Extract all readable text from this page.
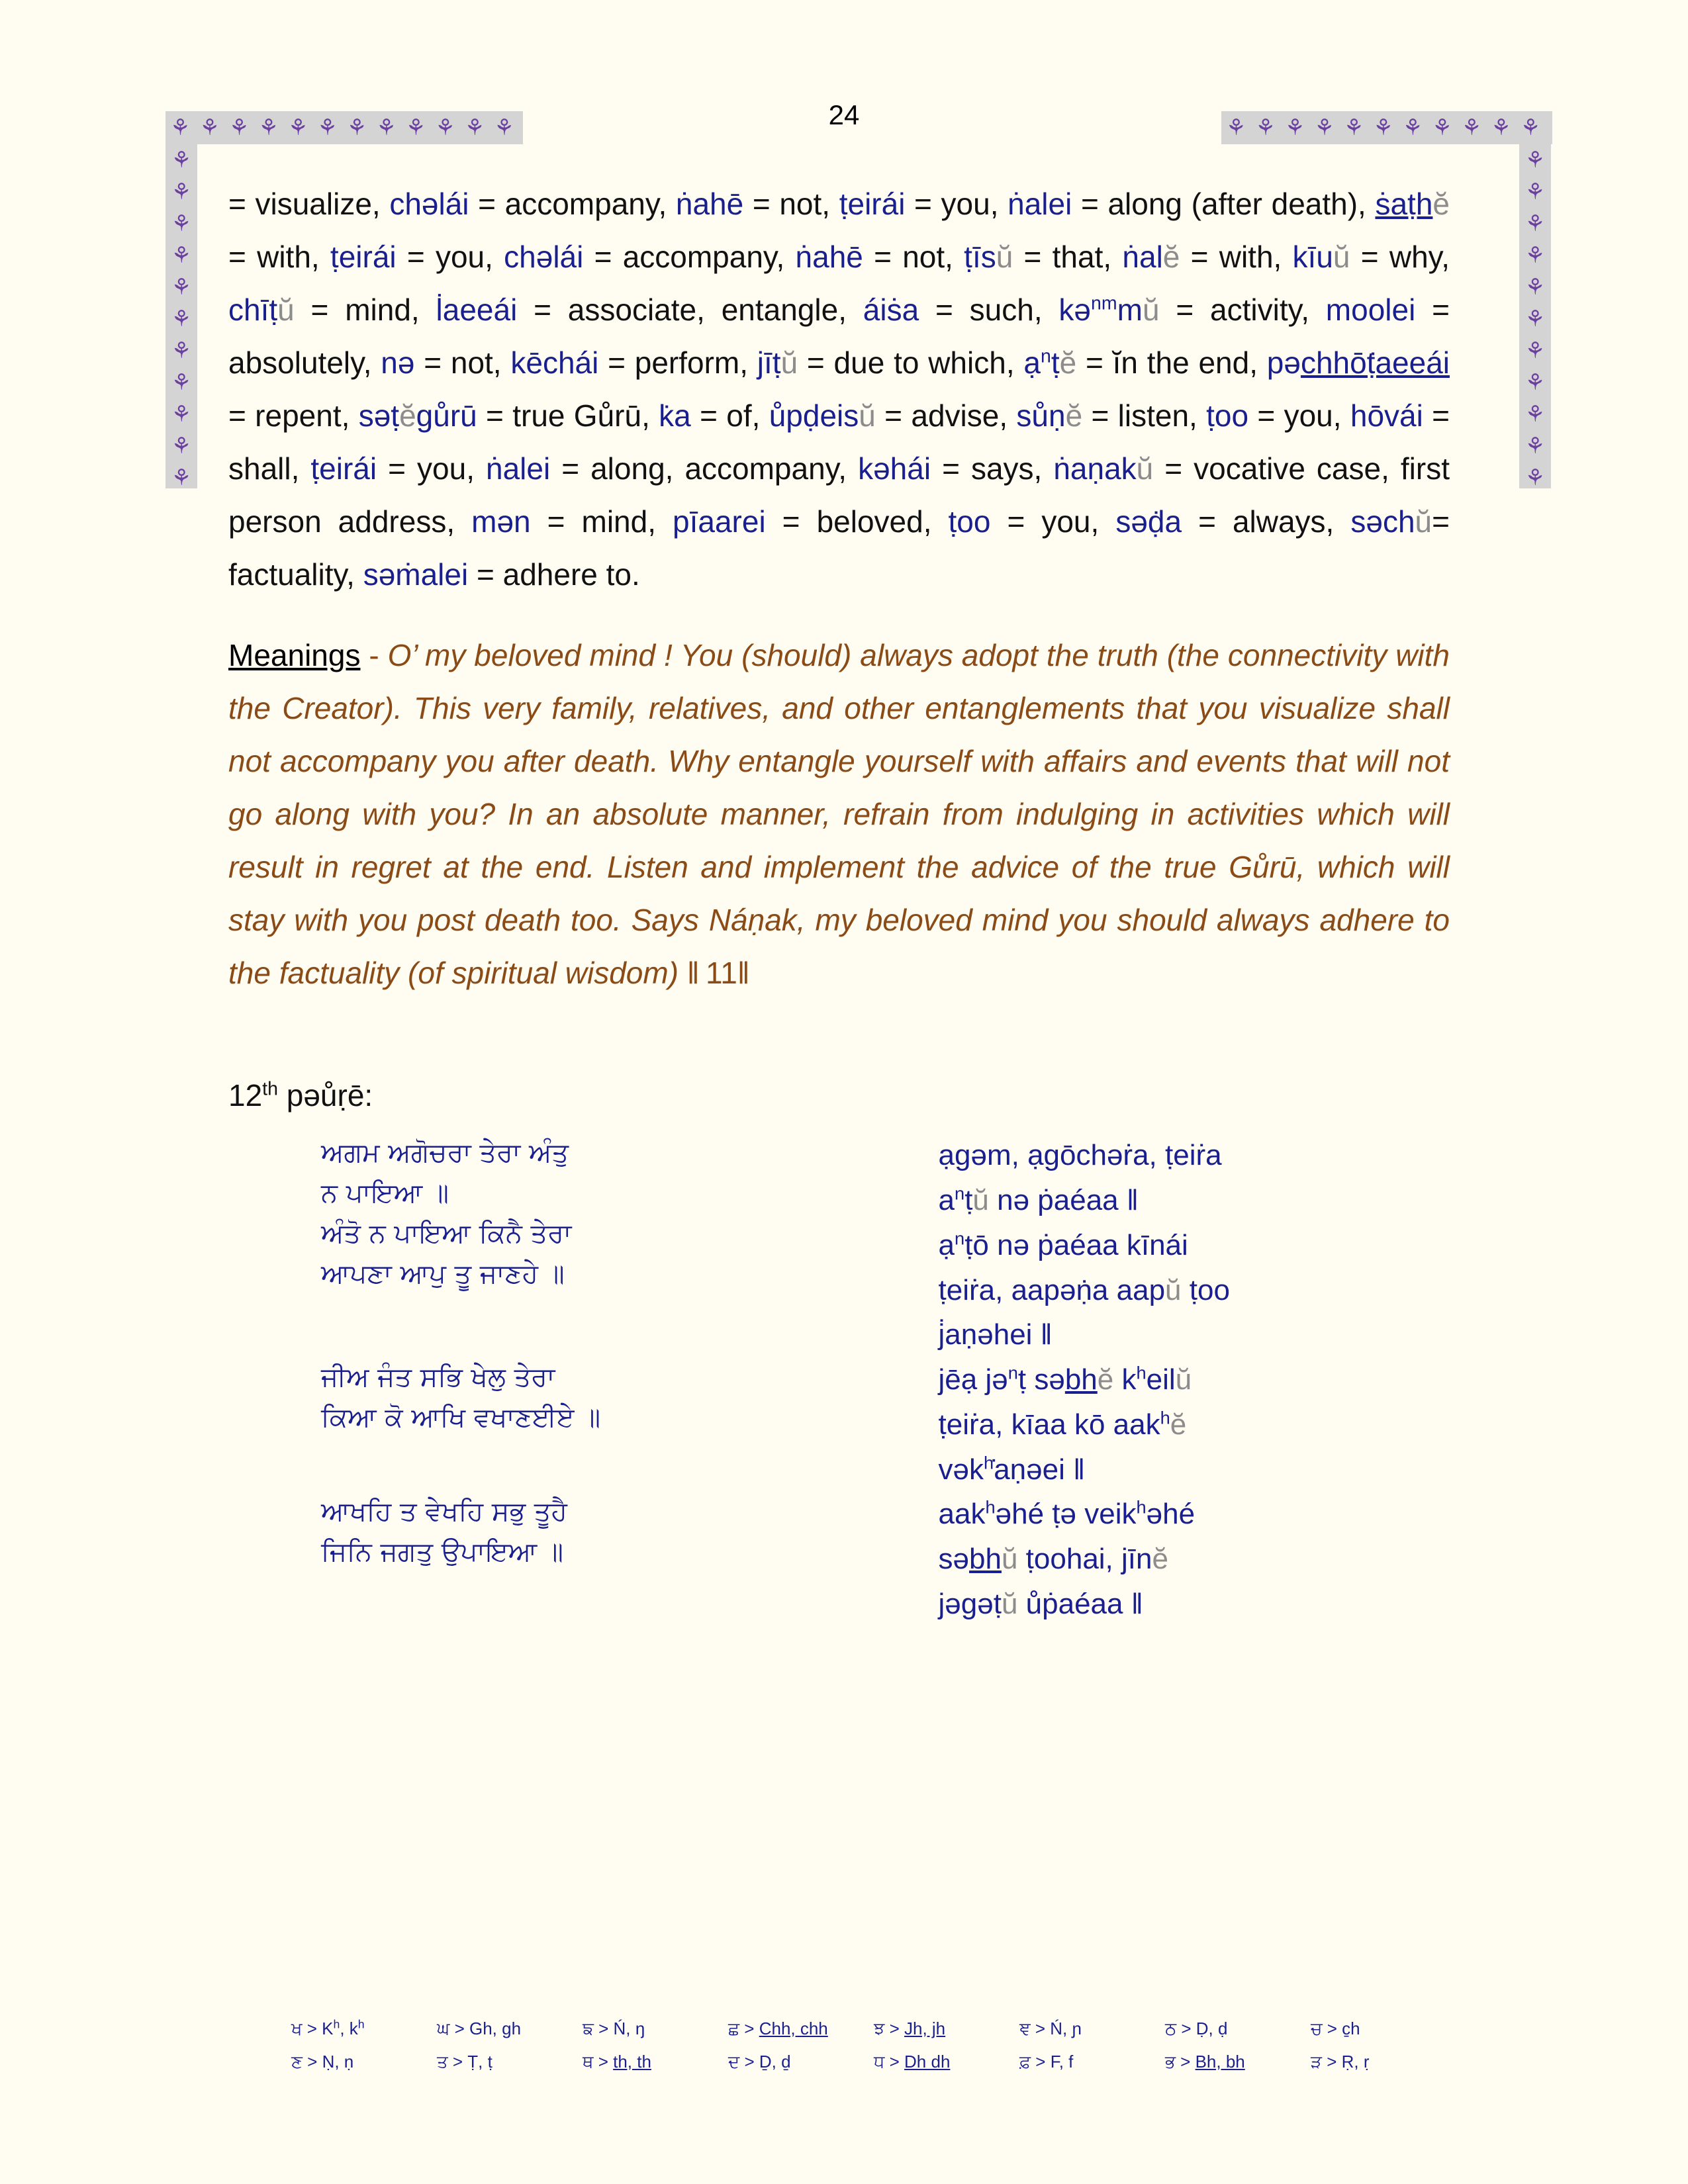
24
⚘ ⚘ ⚘ ⚘ ⚘ ⚘ ⚘ ⚘ ⚘ ⚘ ⚘ ⚘	⚘ ⚘ ⚘ ⚘ ⚘ ⚘ ⚘ ⚘ ⚘ ⚘ ⚘
⚘
⚘
⚘
⚘
⚘
⚘
⚘
⚘
⚘
⚘
⚘
⚘
⚘
⚘
⚘
⚘
⚘
⚘
⚘
⚘
⚘
⚘

= visualize, chəlái = accompany, ṅahē = not, ṭeirái = you, ṅalei = along (after death), ṡaṭhĕ = with, ṭeirái = you, chəlái = accompany, ṅahē = not, ṭīsŭ = that, ṅalĕ = with, kīuŭ = why, chīṭŭ = mind, l̇aeeái = associate, entangle, áiṡa = such, kə$^{nm}$mŭ = activity, moolei = absolutely, nə = not, kēchái = perform, jīṭŭ = due to which, ạ$^n$ṭĕ = ĭn the end, pəchhōṭ̇aeeái = repent, səṭĕgůrū = true Gůrū, k̇a = of, ůpḍeisŭ = advise, sůṇĕ = listen, ṭoo = you, hōvái = shall, ṭeirái = you, ṅalei = along, accompany, kəhái = says, ṅaṇakŭ = vocative case, first person address, mən = mind, pīaarei = beloved, ṭoo = you, səḍ̇a = always, səchŭ= factuality, səṁalei = adhere to.

Meanings - O’ my beloved mind ! You (should) always adopt the truth (the connectivity with the Creator). This very family, relatives, and other entanglements that you visualize shall not accompany you after death. Why entangle yourself with affairs and events that will not go along with you? In an absolute manner, refrain from indulging in activities which will result in regret at the end. Listen and implement the advice of the true Gůrū, which will stay with you post death too. Says Náṇak, my beloved mind you should always adhere to the factuality (of spiritual wisdom) ‖ 11‖
12th pəůṛē:
ਅਗਮ ਅਗੋਚਰਾ ਤੇਰਾ ਅੰਤੁ
ਨ ਪਾਇਆ ॥
ਅੰਤੋ ਨ ਪਾਇਆ ਕਿਨੈ ਤੇਰਾ
ਆਪਣਾ ਆਪੁ ਤੂ ਜਾਣਹੇ ॥

ạgəm, ạgōchəṙa, ṭeiṙa
$a^nṭŭ$ nə ṗaéaa ‖
ạ$^n$ṭō nə ṗaéaa kīnái
ṭeiṙa, aapəṇ̇a aapŭ ṭoo
j̇aṇəhei ‖

ਜੀਅ ਜੰਤ ਸਭਿ ਖੇਲੁ ਤੇਰਾ
ਕਿਆ ਕੋ ਆਖਿ ਵਖਾਣਈਏ ॥

jēạ jə$^n$ṭ səbhĕ $k^heilŭ$
ṭeiṙa, kīaa kō aak$^h$ĕ
vək$^h$̇aṇəei ‖

ਆਖਹਿ ਤ ਵੇਖਹਿ ਸਭੁ ਤੂਹੈ
ਜਿਨਿ ਜਗਤੁ ਉਪਾਇਆ ॥

aak$^h$əhé ṭə veik$^h$əhé
səbhŭ ṭoohai, jīnĕ
jəgəṭŭ ůṗaéaa ‖
ਖ > $K^h$, $k^h$	ਘ > Gh, gh	ਙ > Ń, ŋ	ਛ > Chh, chh	ਝ > Jh, jh	ਞ > Ń, ɲ	ਠ > Ḍ, ḍ	ਚ > c̱h
ਣ > Ṇ, ṇ	ਤ > Ṭ, ṭ	ਥ > th, th	ਦ > Ḏ, ḏ	ਧ > Dh dh	ਫ਼ > F, f	ਭ > Bh, bh	ੜ > Ṛ, ṛ
